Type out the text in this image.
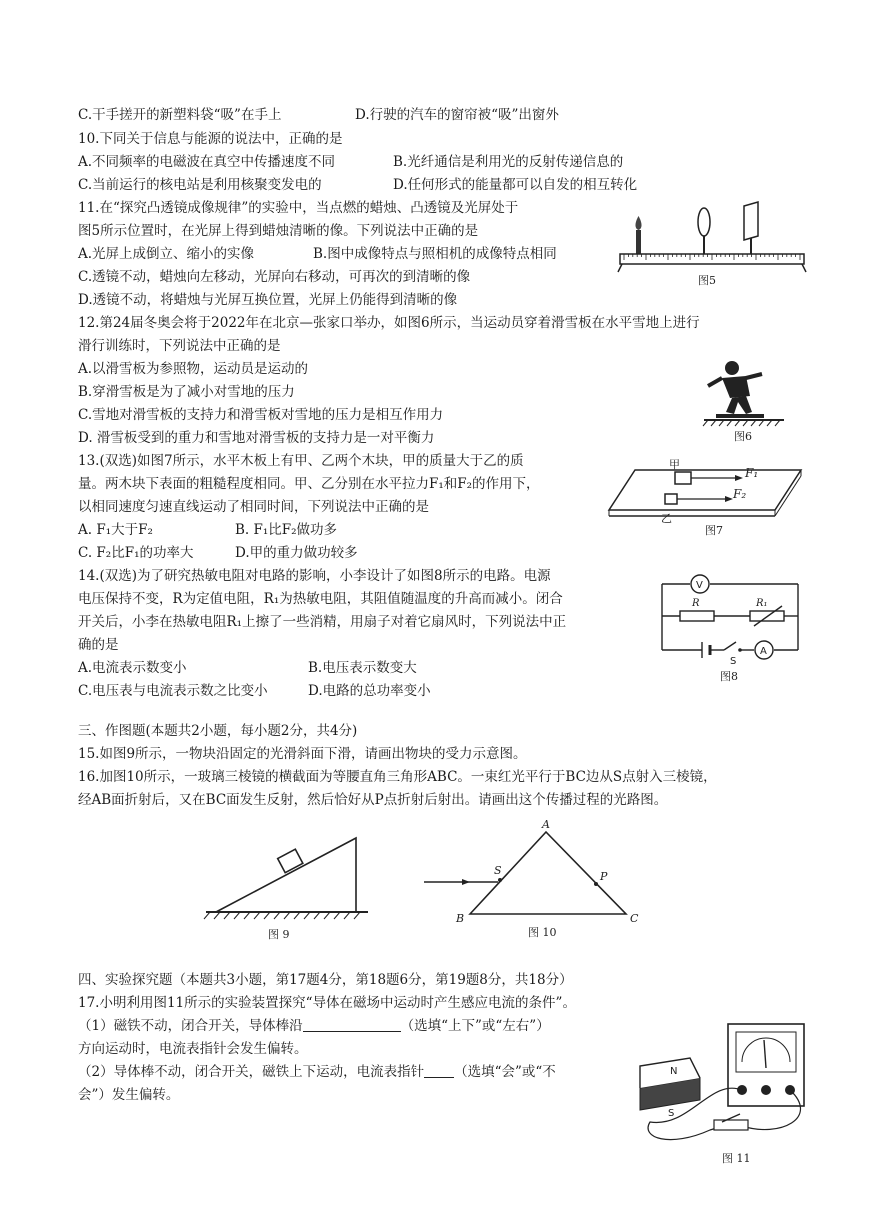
C.干手搓开的新塑料袋“吸”在手上	D.行驶的汽车的窗帘被“吸”出窗外
10.下同关于信息与能源的说法中，正确的是
A.不同频率的电磁波在真空中传播速度不同	B.光纤通信是利用光的反射传递信息的
C.当前运行的核电站是利用核聚变发电的	D.任何形式的能量都可以自发的相互转化
11.在“探究凸透镜成像规律”的实验中，当点燃的蜡烛、凸透镜及光屏处于
图5所示位置时，在光屏上得到蜡烛清晰的像。下列说法中正确的是
A.光屏上成倒立、缩小的实像	B.图中成像特点与照相机的成像特点相同
C.透镜不动，蜡烛向左移动，光屏向右移动，可再次的到清晰的像
D.透镜不动，将蜡烛与光屏互换位置，光屏上仍能得到清晰的像
图5
12.第24届冬奥会将于2022年在北京—张家口举办，如图6所示，当运动员穿着滑雪板在水平雪地上进行
滑行训练时，下列说法中正确的是
A.以滑雪板为参照物，运动员是运动的
B.穿滑雪板是为了减小对雪地的压力
C.雪地对滑雪板的支持力和滑雪板对雪地的压力是相互作用力
D. 滑雪板受到的重力和雪地对滑雪板的支持力是一对平衡力	图6
13.(双选)如图7所示，水平木板上有甲、乙两个木块，甲的质量大于乙的质
量。两木块下表面的粗糙程度相同。甲、乙分别在水平拉力F₁和F₂的作用下，
以相同速度匀速直线运动了相同时间，下列说法中正确的是
A. F₁大于F₂	B. F₁比F₂做功多
C. F₂比F₁的功率大	D.甲的重力做功较多
甲
F₁
乙
F₂
图7
14.(双选)为了研究热敏电阻对电路的影响，小李设计了如图8所示的电路。电源
电压保持不变，R为定值电阻，R₁为热敏电阻，其阻值随温度的升高而减小。闭合
开关后，小李在热敏电阻R₁上擦了一些消精，用扇子对着它扇风时，下列说法中正
确的是
A.电流表示数变小	B.电压表示数变大
C.电压表与电流表示数之比变小	D.电路的总功率变小
V
A
R	R₁
S
图8
三、作图题(本题共2小题，每小题2分，共4分)
15.如图9所示，一物块沿固定的光滑斜面下滑，请画出物块的受力示意图。
16.加图10所示，一玻璃三棱镜的横截面为等腰直角三角形ABC。一束红光平行于BC边从S点射入三棱镜，
经AB面折射后，又在BC面发生反射，然后恰好从P点折射后射出。请画出这个传播过程的光路图。
图 9
A
B	C
S	P
图 10
四、实验探究题（本题共3小题，第17题4分，第18题6分，第19题8分，共18分）
17.小明利用图11所示的实验装置探究“导体在磁场中运动时产生感应电流的条件”。
（1）磁铁不动，闭合开关，导体棒沿	（选填“上下”或“左右”）
方向运动时，电流表指针会发生偏转。
（2）导体棒不动，闭合开关，磁铁上下运动，电流表指针 （选填“会”或“不
会”）发生偏转。
N
S
图 11
